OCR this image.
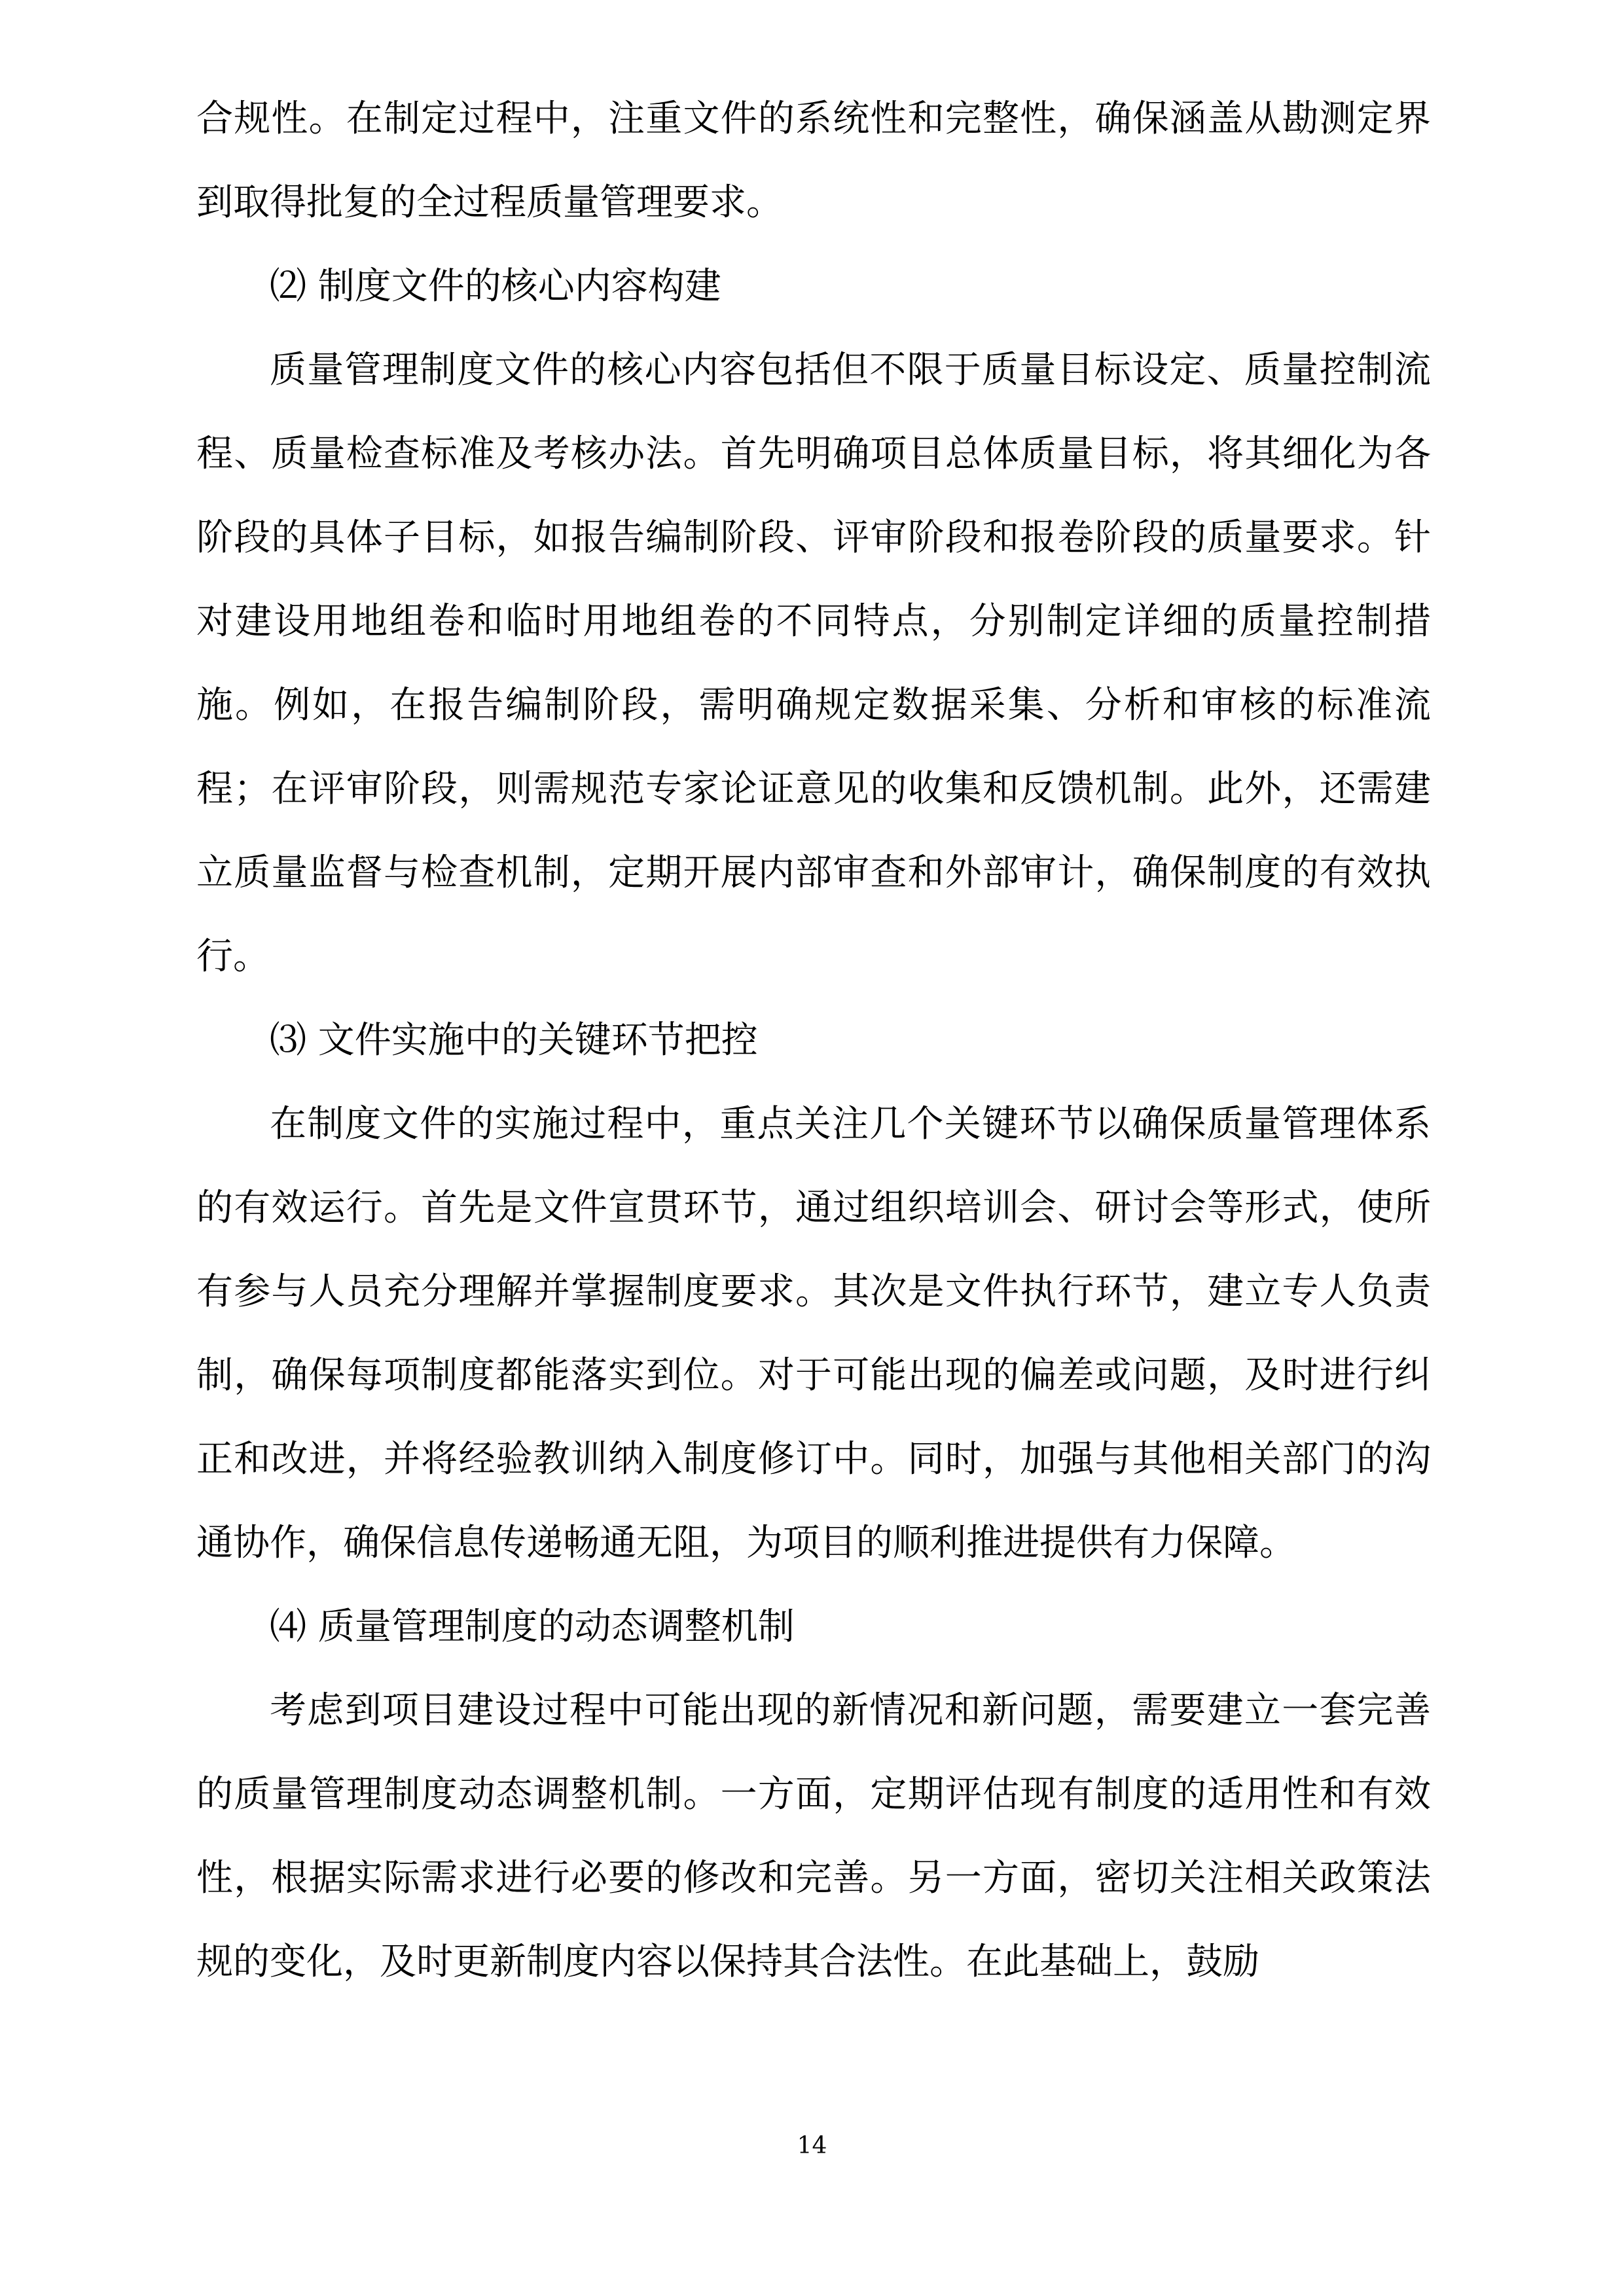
合规性。在制定过程中，注重文件的系统性和完整性，确保涵盖从勘测定界到取得批复的全过程质量管理要求。

⑵ 制度文件的核心内容构建

质量管理制度文件的核心内容包括但不限于质量目标设定、质量控制流程、质量检查标准及考核办法。首先明确项目总体质量目标，将其细化为各阶段的具体子目标，如报告编制阶段、评审阶段和报卷阶段的质量要求。针对建设用地组卷和临时用地组卷的不同特点，分别制定详细的质量控制措施。例如，在报告编制阶段，需明确规定数据采集、分析和审核的标准流程；在评审阶段，则需规范专家论证意见的收集和反馈机制。此外，还需建立质量监督与检查机制，定期开展内部审查和外部审计，确保制度的有效执行。

⑶ 文件实施中的关键环节把控

在制度文件的实施过程中，重点关注几个关键环节以确保质量管理体系的有效运行。首先是文件宣贯环节，通过组织培训会、研讨会等形式，使所有参与人员充分理解并掌握制度要求。其次是文件执行环节，建立专人负责制，确保每项制度都能落实到位。对于可能出现的偏差或问题，及时进行纠正和改进，并将经验教训纳入制度修订中。同时，加强与其他相关部门的沟通协作，确保信息传递畅通无阻，为项目的顺利推进提供有力保障。

⑷ 质量管理制度的动态调整机制

考虑到项目建设过程中可能出现的新情况和新问题，需要建立一套完善的质量管理制度动态调整机制。一方面，定期评估现有制度的适用性和有效性，根据实际需求进行必要的修改和完善。另一方面，密切关注相关政策法规的变化，及时更新制度内容以保持其合法性。在此基础上，鼓励

14
